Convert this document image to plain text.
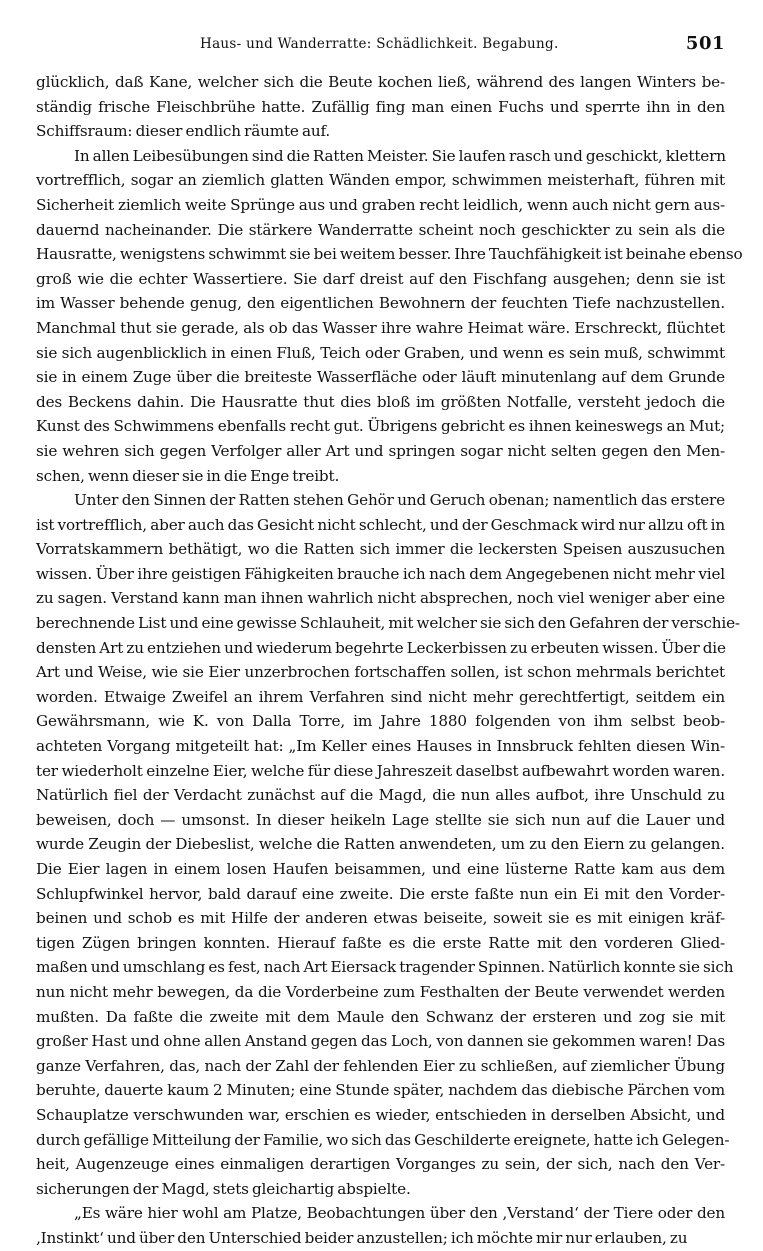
Haus- und Wanderratte: Schädlichkeit. Begabung.	501
glücklich, daß Kane, welcher sich die Beute kochen ließ, während des langen Winters be-
ständig frische Fleischbrühe hatte. Zufällig fing man einen Fuchs und sperrte ihn in den
Schiffsraum: dieser endlich räumte auf.
In allen Leibesübungen sind die Ratten Meister. Sie laufen rasch und geschickt, klettern
vortrefflich, sogar an ziemlich glatten Wänden empor, schwimmen meisterhaft, führen mit
Sicherheit ziemlich weite Sprünge aus und graben recht leidlich, wenn auch nicht gern aus-
dauernd nacheinander. Die stärkere Wanderratte scheint noch geschickter zu sein als die
Hausratte, wenigstens schwimmt sie bei weitem besser. Ihre Tauchfähigkeit ist beinahe ebenso
groß wie die echter Wassertiere. Sie darf dreist auf den Fischfang ausgehen; denn sie ist
im Wasser behende genug, den eigentlichen Bewohnern der feuchten Tiefe nachzustellen.
Manchmal thut sie gerade, als ob das Wasser ihre wahre Heimat wäre. Erschreckt, flüchtet
sie sich augenblicklich in einen Fluß, Teich oder Graben, und wenn es sein muß, schwimmt
sie in einem Zuge über die breiteste Wasserfläche oder läuft minutenlang auf dem Grunde
des Beckens dahin. Die Hausratte thut dies bloß im größten Notfalle, versteht jedoch die
Kunst des Schwimmens ebenfalls recht gut. Übrigens gebricht es ihnen keineswegs an Mut;
sie wehren sich gegen Verfolger aller Art und springen sogar nicht selten gegen den Men-
schen, wenn dieser sie in die Enge treibt.
Unter den Sinnen der Ratten stehen Gehör und Geruch obenan; namentlich das erstere
ist vortrefflich, aber auch das Gesicht nicht schlecht, und der Geschmack wird nur allzu oft in
Vorratskammern bethätigt, wo die Ratten sich immer die leckersten Speisen auszusuchen
wissen. Über ihre geistigen Fähigkeiten brauche ich nach dem Angegebenen nicht mehr viel
zu sagen. Verstand kann man ihnen wahrlich nicht absprechen, noch viel weniger aber eine
berechnende List und eine gewisse Schlauheit, mit welcher sie sich den Gefahren der verschie-
densten Art zu entziehen und wiederum begehrte Leckerbissen zu erbeuten wissen. Über die
Art und Weise, wie sie Eier unzerbrochen fortschaffen sollen, ist schon mehrmals berichtet
worden. Etwaige Zweifel an ihrem Verfahren sind nicht mehr gerechtfertigt, seitdem ein
Gewährsmann, wie K. von Dalla Torre, im Jahre 1880 folgenden von ihm selbst beob-
achteten Vorgang mitgeteilt hat: „Im Keller eines Hauses in Innsbruck fehlten diesen Win-
ter wiederholt einzelne Eier, welche für diese Jahreszeit daselbst aufbewahrt worden waren.
Natürlich fiel der Verdacht zunächst auf die Magd, die nun alles aufbot, ihre Unschuld zu
beweisen, doch — umsonst. In dieser heikeln Lage stellte sie sich nun auf die Lauer und
wurde Zeugin der Diebeslist, welche die Ratten anwendeten, um zu den Eiern zu gelangen.
Die Eier lagen in einem losen Haufen beisammen, und eine lüsterne Ratte kam aus dem
Schlupfwinkel hervor, bald darauf eine zweite. Die erste faßte nun ein Ei mit den Vorder-
beinen und schob es mit Hilfe der anderen etwas beiseite, soweit sie es mit einigen kräf-
tigen Zügen bringen konnten. Hierauf faßte es die erste Ratte mit den vorderen Glied-
maßen und umschlang es fest, nach Art Eiersack tragender Spinnen. Natürlich konnte sie sich
nun nicht mehr bewegen, da die Vorderbeine zum Festhalten der Beute verwendet werden
mußten. Da faßte die zweite mit dem Maule den Schwanz der ersteren und zog sie mit
großer Hast und ohne allen Anstand gegen das Loch, von dannen sie gekommen waren! Das
ganze Verfahren, das, nach der Zahl der fehlenden Eier zu schließen, auf ziemlicher Übung
beruhte, dauerte kaum 2 Minuten; eine Stunde später, nachdem das diebische Pärchen vom
Schauplatze verschwunden war, erschien es wieder, entschieden in derselben Absicht, und
durch gefällige Mitteilung der Familie, wo sich das Geschilderte ereignete, hatte ich Gelegen-
heit, Augenzeuge eines einmaligen derartigen Vorganges zu sein, der sich, nach den Ver-
sicherungen der Magd, stets gleichartig abspielte.
„Es wäre hier wohl am Platze, Beobachtungen über den ‚Verstand‘ der Tiere oder den
‚Instinkt‘ und über den Unterschied beider anzustellen; ich möchte mir nur erlauben, zu
